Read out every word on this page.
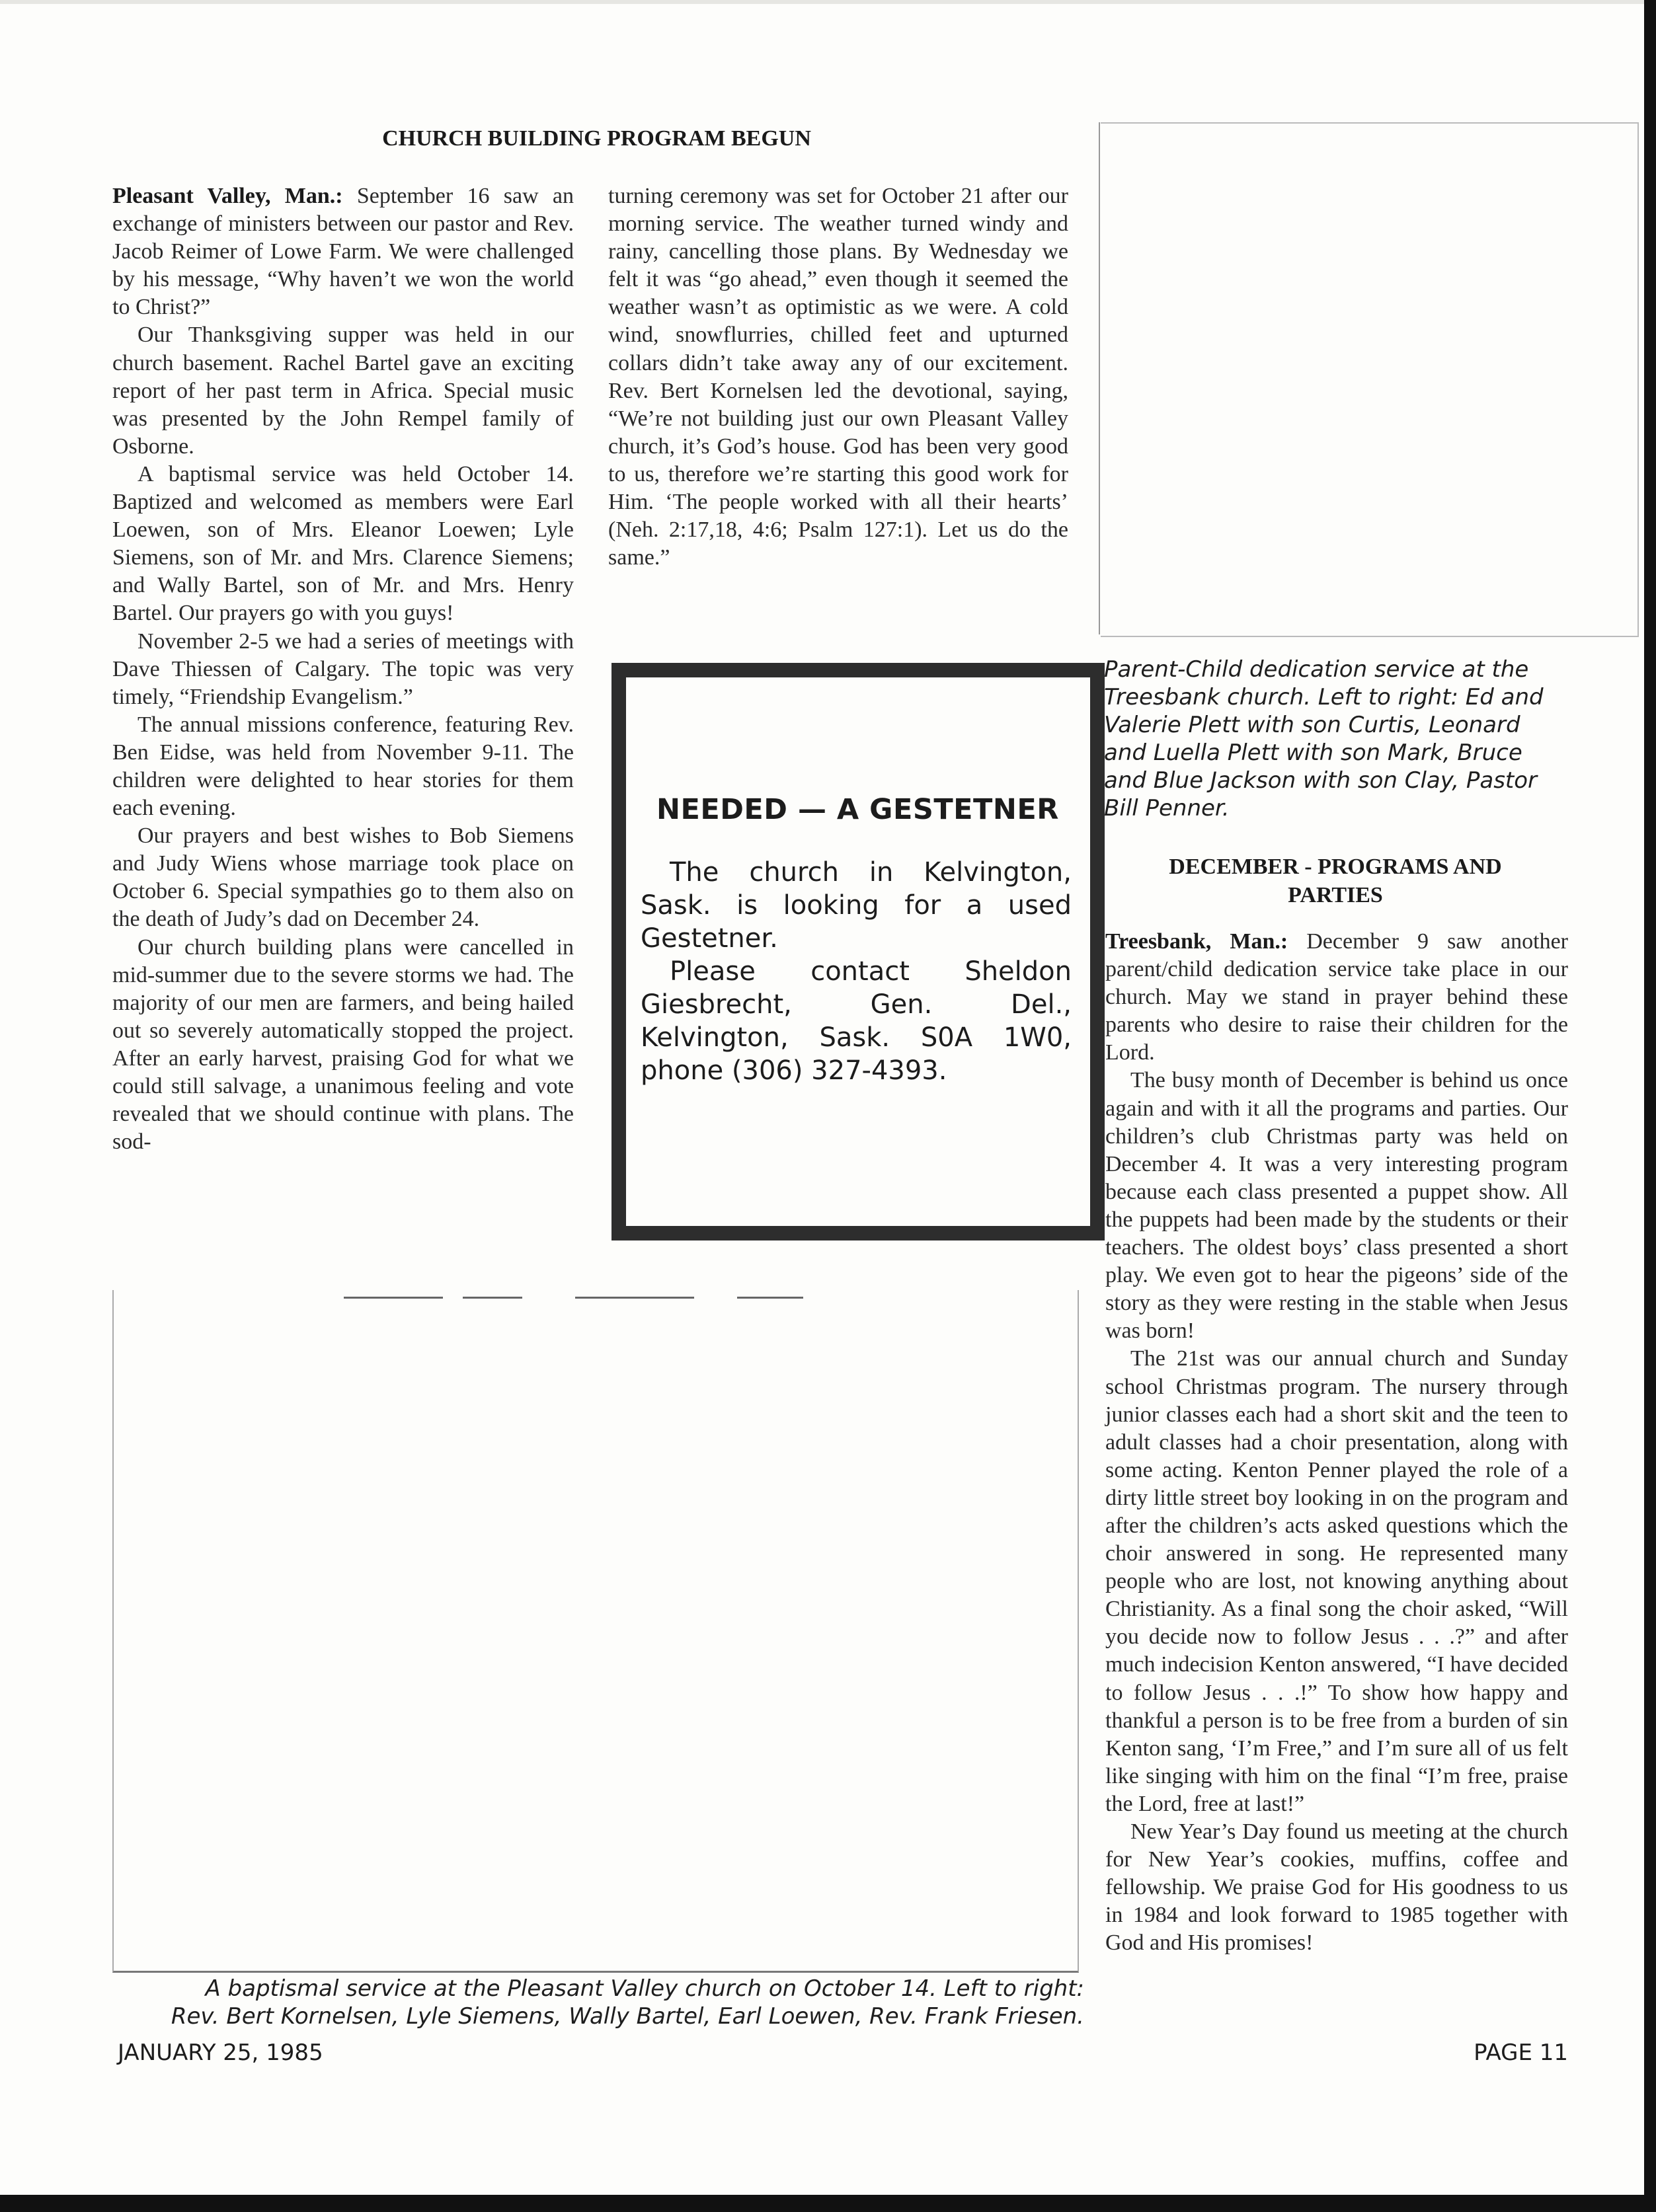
CHURCH BUILDING PROGRAM BEGUN

Pleasant Valley, Man.: September 16 saw an exchange of ministers between our pastor and Rev. Jacob Reimer of Lowe Farm. We were challenged by his message, “Why haven’t we won the world to Christ?”

Our Thanksgiving supper was held in our church basement. Rachel Bartel gave an exciting report of her past term in Africa. Special music was presented by the John Rempel family of Osborne.

A baptismal service was held October 14. Baptized and welcomed as members were Earl Loewen, son of Mrs. Eleanor Loewen; Lyle Siemens, son of Mr. and Mrs. Clarence Siemens; and Wally Bartel, son of Mr. and Mrs. Henry Bartel. Our prayers go with you guys!

November 2-5 we had a series of meetings with Dave Thiessen of Calgary. The topic was very timely, “Friendship Evangelism.”

The annual missions conference, featuring Rev. Ben Eidse, was held from November 9-11. The children were delighted to hear stories for them each evening.

Our prayers and best wishes to Bob Siemens and Judy Wiens whose marriage took place on October 6. Special sympathies go to them also on the death of Judy’s dad on December 24.

Our church building plans were cancelled in mid-summer due to the severe storms we had. The majority of our men are farmers, and being hailed out so severely automatically stopped the project. After an early harvest, praising God for what we could still salvage, a unanimous feeling and vote revealed that we should continue with plans. The sod-

turning ceremony was set for October 21 after our morning service. The weather turned windy and rainy, cancelling those plans. By Wednesday we felt it was “go ahead,” even though it seemed the weather wasn’t as optimistic as we were. A cold wind, snowflurries, chilled feet and upturned collars didn’t take away any of our excitement. Rev. Bert Kornelsen led the devotional, saying, “We’re not building just our own Pleasant Valley church, it’s God’s house. God has been very good to us, therefore we’re starting this good work for Him. ‘The people worked with all their hearts’ (Neh. 2:17,18, 4:6; Psalm 127:1). Let us do the same.”

NEEDED — A GESTETNER

The church in Kelvington, Sask. is looking for a used Gestetner.

Please contact Sheldon Giesbrecht, Gen. Del., Kelvington, Sask. S0A 1W0, phone (306) 327-4393.

Parent-Child dedication service at the Treesbank church. Left to right: Ed and Valerie Plett with son Curtis, Leonard and Luella Plett with son Mark, Bruce and Blue Jackson with son Clay, Pastor Bill Penner.
DECEMBER - PROGRAMS AND
PARTIES

Treesbank, Man.: December 9 saw another parent/child dedication service take place in our church. May we stand in prayer behind these parents who desire to raise their children for the Lord.

The busy month of December is behind us once again and with it all the programs and parties. Our children’s club Christmas party was held on December 4. It was a very interesting program because each class presented a puppet show. All the puppets had been made by the students or their teachers. The oldest boys’ class presented a short play. We even got to hear the pigeons’ side of the story as they were resting in the stable when Jesus was born!

The 21st was our annual church and Sunday school Christmas program. The nursery through junior classes each had a short skit and the teen to adult classes had a choir presentation, along with some acting. Kenton Penner played the role of a dirty little street boy looking in on the program and after the children’s acts asked questions which the choir answered in song. He represented many people who are lost, not knowing anything about Christianity. As a final song the choir asked, “Will you decide now to follow Jesus . . .?” and after much indecision Kenton answered, “I have decided to follow Jesus . . .!” To show how happy and thankful a person is to be free from a burden of sin Kenton sang, ‘I’m Free,” and I’m sure all of us felt like singing with him on the final “I’m free, praise the Lord, free at last!”

New Year’s Day found us meeting at the church for New Year’s cookies, muffins, coffee and fellowship. We praise God for His goodness to us in 1984 and look forward to 1985 together with God and His promises!

A baptismal service at the Pleasant Valley church on October 14. Left to right:
Rev. Bert Kornelsen, Lyle Siemens, Wally Bartel, Earl Loewen, Rev. Frank Friesen.
JANUARY 25, 1985	PAGE 11
